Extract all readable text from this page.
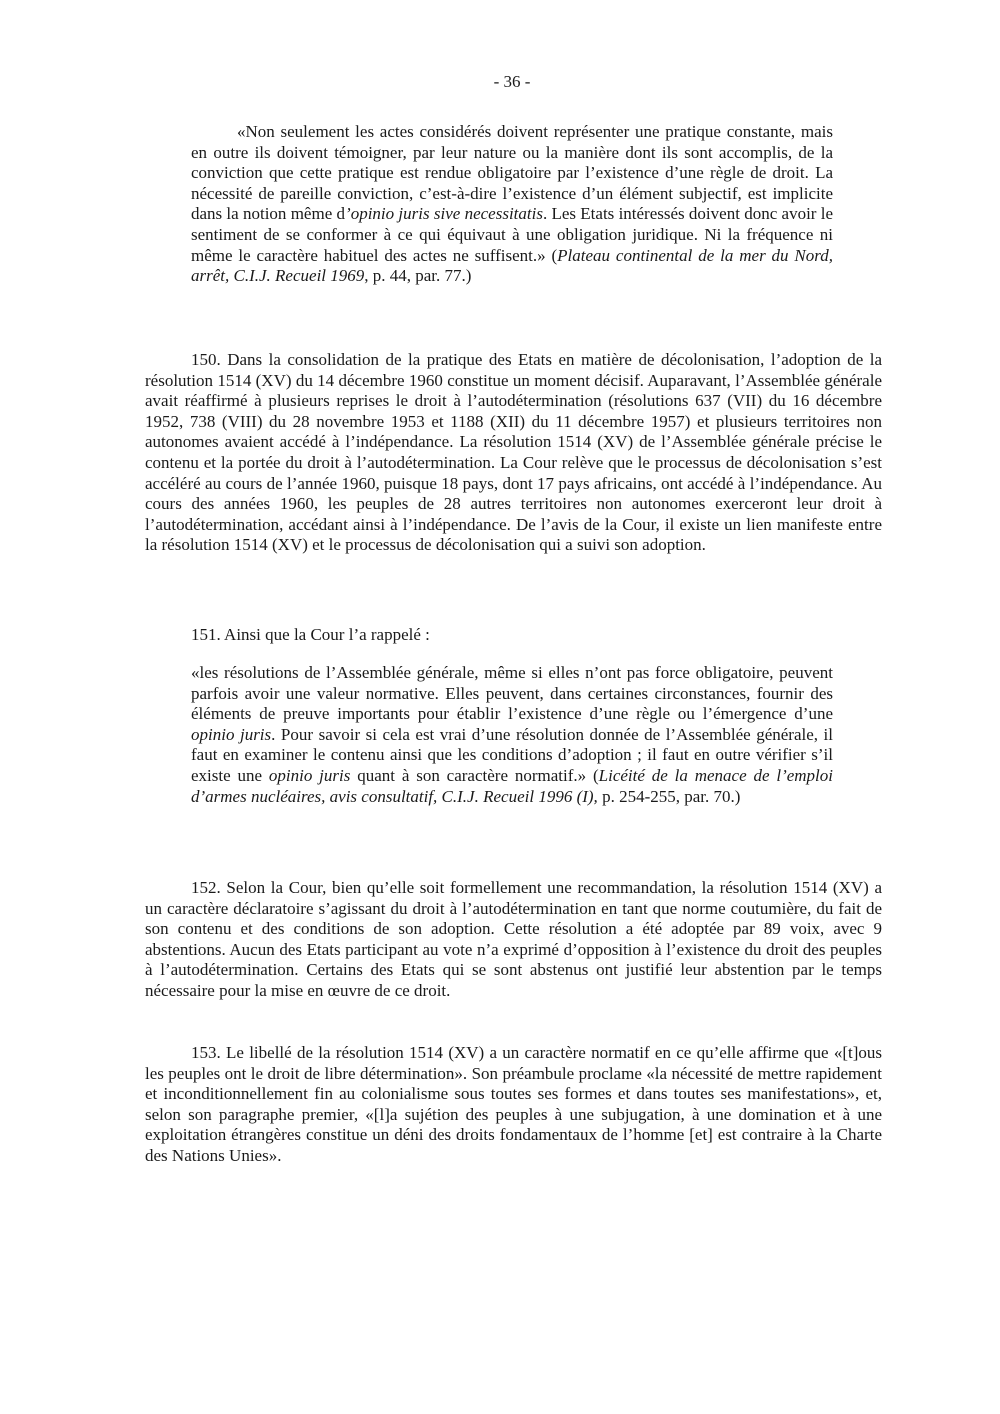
- 36 -

«Non seulement les actes considérés doivent représenter une pratique constante, mais en outre ils doivent témoigner, par leur nature ou la manière dont ils sont accomplis, de la conviction que cette pratique est rendue obligatoire par l’existence d’une règle de droit. La nécessité de pareille conviction, c’est-à-dire l’existence d’un élément subjectif, est implicite dans la notion même d’opinio juris sive necessitatis. Les Etats intéressés doivent donc avoir le sentiment de se conformer à ce qui équivaut à une obligation juridique. Ni la fréquence ni même le caractère habituel des actes ne suffisent.» (Plateau continental de la mer du Nord, arrêt, C.I.J. Recueil 1969, p. 44, par. 77.)

150. Dans la consolidation de la pratique des Etats en matière de décolonisation, l’adoption de la résolution 1514 (XV) du 14 décembre 1960 constitue un moment décisif. Auparavant, l’Assemblée générale avait réaffirmé à plusieurs reprises le droit à l’autodétermination (résolutions 637 (VII) du 16 décembre 1952, 738 (VIII) du 28 novembre 1953 et 1188 (XII) du 11 décembre 1957) et plusieurs territoires non autonomes avaient accédé à l’indépendance. La résolution 1514 (XV) de l’Assemblée générale précise le contenu et la portée du droit à l’autodétermination. La Cour relève que le processus de décolonisation s’est accéléré au cours de l’année 1960, puisque 18 pays, dont 17 pays africains, ont accédé à l’indépendance. Au cours des années 1960, les peuples de 28 autres territoires non autonomes exerceront leur droit à l’autodétermination, accédant ainsi à l’indépendance. De l’avis de la Cour, il existe un lien manifeste entre la résolution 1514 (XV) et le processus de décolonisation qui a suivi son adoption.

151. Ainsi que la Cour l’a rappelé :

«les résolutions de l’Assemblée générale, même si elles n’ont pas force obligatoire, peuvent parfois avoir une valeur normative. Elles peuvent, dans certaines circonstances, fournir des éléments de preuve importants pour établir l’existence d’une règle ou l’émergence d’une opinio juris. Pour savoir si cela est vrai d’une résolution donnée de l’Assemblée générale, il faut en examiner le contenu ainsi que les conditions d’adoption ; il faut en outre vérifier s’il existe une opinio juris quant à son caractère normatif.» (Licéité de la menace de l’emploi d’armes nucléaires, avis consultatif, C.I.J. Recueil 1996 (I), p. 254-255, par. 70.)

152. Selon la Cour, bien qu’elle soit formellement une recommandation, la résolution 1514 (XV) a un caractère déclaratoire s’agissant du droit à l’autodétermination en tant que norme coutumière, du fait de son contenu et des conditions de son adoption. Cette résolution a été adoptée par 89 voix, avec 9 abstentions. Aucun des Etats participant au vote n’a exprimé d’opposition à l’existence du droit des peuples à l’autodétermination. Certains des Etats qui se sont abstenus ont justifié leur abstention par le temps nécessaire pour la mise en œuvre de ce droit.

153. Le libellé de la résolution 1514 (XV) a un caractère normatif en ce qu’elle affirme que «[t]ous les peuples ont le droit de libre détermination». Son préambule proclame «la nécessité de mettre rapidement et inconditionnellement fin au colonialisme sous toutes ses formes et dans toutes ses manifestations», et, selon son paragraphe premier, «[l]a sujétion des peuples à une subjugation, à une domination et à une exploitation étrangères constitue un déni des droits fondamentaux de l’homme [et] est contraire à la Charte des Nations Unies».
